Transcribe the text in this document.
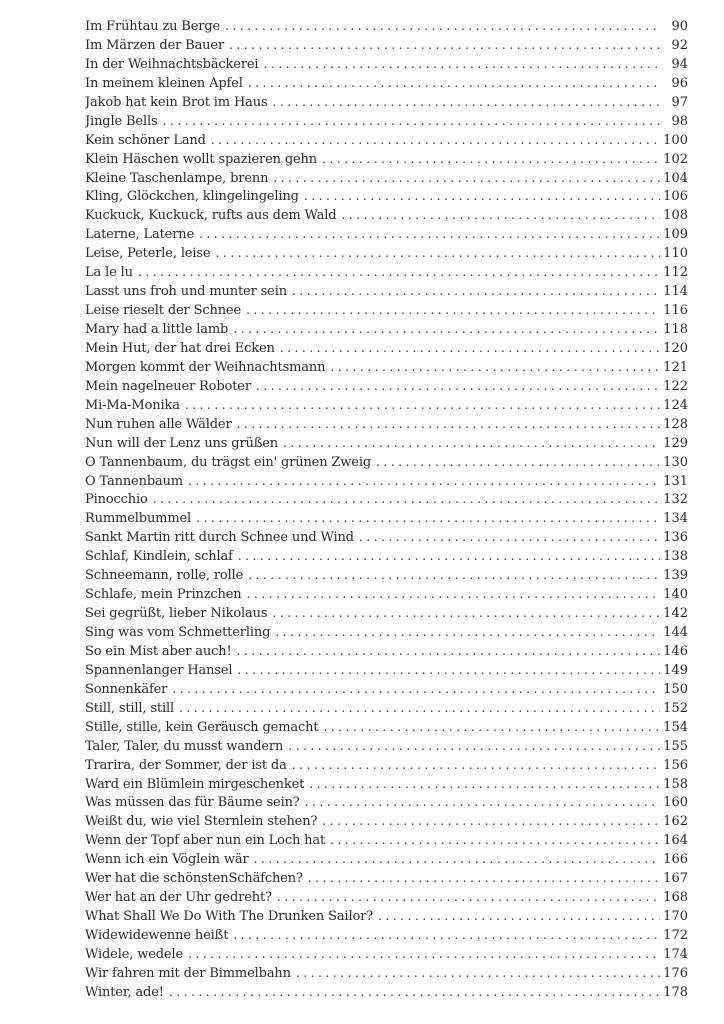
Im Frühtau zu Berge .....	90
Im Märzen der Bauer .....	92
In der Weihnachtsbäckerei .....	94
In meinem kleinen Apfel .....	96
Jakob hat kein Brot im Haus .....	97
Jingle Bells .....	98
Kein schöner Land .....	100
Klein Häschen wollt spazieren gehn .....	102
Kleine Taschenlampe, brenn .....	104
Kling, Glöckchen, klingelingeling .....	106
Kuckuck, Kuckuck, rufts aus dem Wald .....	108
Laterne, Laterne .....	109
Leise, Peterle, leise .....	110
La le lu .....	112
Lasst uns froh und munter sein .....	114
Leise rieselt der Schnee .....	116
Mary had a little lamb .....	118
Mein Hut, der hat drei Ecken .....	120
Morgen kommt der Weihnachtsmann .....	121
Mein nagelneuer Roboter .....	122
Mi-Ma-Monika .....	124
Nun ruhen alle Wälder .....	128
Nun will der Lenz uns grüßen .....	129
O Tannenbaum, du trägst ein' grünen Zweig .....	130
O Tannenbaum .....	131
Pinocchio .....	132
Rummelbummel .....	134
Sankt Martin ritt durch Schnee und Wind .....	136
Schlaf, Kindlein, schlaf .....	138
Schneemann, rolle, rolle .....	139
Schlafe, mein Prinzchen .....	140
Sei gegrüßt, lieber Nikolaus .....	142
Sing was vom Schmetterling .....	144
So ein Mist aber auch! .....	146
Spannenlanger Hansel .....	149
Sonnenkäfer .....	150
Still, still, still .....	152
Stille, stille, kein Geräusch gemacht .....	154
Taler, Taler, du musst wandern .....	155
Trarira, der Sommer, der ist da .....	156
Ward ein Blümlein mirgeschenket .....	158
Was müssen das für Bäume sein? .....	160
Weißt du, wie viel Sternlein stehen? .....	162
Wenn der Topf aber nun ein Loch hat .....	164
Wenn ich ein Vöglein wär .....	166
Wer hat die schönstenSchäfchen? .....	167
Wer hat an der Uhr gedreht? .....	168
What Shall We Do With The Drunken Sailor? .....	170
Widewidewenne heißt .....	172
Widele, wedele .....	174
Wir fahren mit der Bimmelbahn .....	176
Winter, ade! .....	178
